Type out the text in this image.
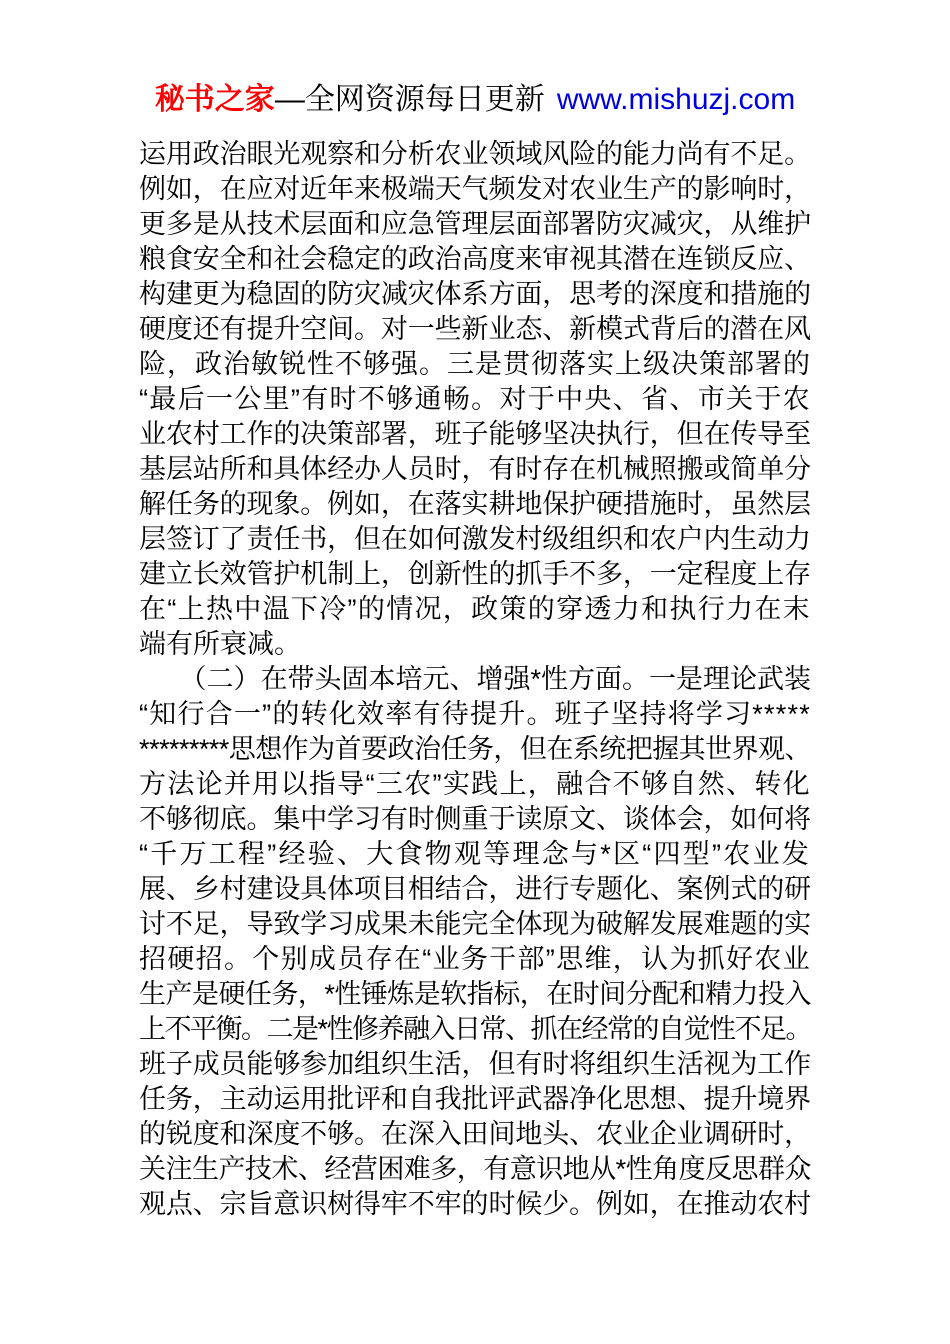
秘书之家—全网资源每日更新 www.mishuzj.com
运用政治眼光观察和分析农业领域风险的能力尚有不足。
例如，在应对近年来极端天气频发对农业生产的影响时，
更多是从技术层面和应急管理层面部署防灾减灾，从维护
粮食安全和社会稳定的政治高度来审视其潜在连锁反应、
构建更为稳固的防灾减灾体系方面，思考的深度和措施的
硬度还有提升空间。对一些新业态、新模式背后的潜在风
险，政治敏锐性不够强。三是贯彻落实上级决策部署的
“最后一公里”有时不够通畅。对于中央、省、市关于农
业农村工作的决策部署，班子能够坚决执行，但在传导至
基层站所和具体经办人员时，有时存在机械照搬或简单分
解任务的现象。例如，在落实耕地保护硬措施时，虽然层
层签订了责任书，但在如何激发村级组织和农户内生动力
建立长效管护机制上，创新性的抓手不多，一定程度上存
在“上热中温下冷”的情况，政策的穿透力和执行力在末
端有所衰减。
　　（二）在带头固本培元、增强*性方面。一是理论武装
“知行合一”的转化效率有待提升。班子坚持将学习*****
*********思想作为首要政治任务，但在系统把握其世界观、
方法论并用以指导“三农”实践上，融合不够自然、转化
不够彻底。集中学习有时侧重于读原文、谈体会，如何将
“千万工程”经验、大食物观等理念与*区“四型”农业发
展、乡村建设具体项目相结合，进行专题化、案例式的研
讨不足，导致学习成果未能完全体现为破解发展难题的实
招硬招。个别成员存在“业务干部”思维，认为抓好农业
生产是硬任务，*性锤炼是软指标，在时间分配和精力投入
上不平衡。二是*性修养融入日常、抓在经常的自觉性不足。
班子成员能够参加组织生活，但有时将组织生活视为工作
任务，主动运用批评和自我批评武器净化思想、提升境界
的锐度和深度不够。在深入田间地头、农业企业调研时，
关注生产技术、经营困难多，有意识地从*性角度反思群众
观点、宗旨意识树得牢不牢的时候少。例如，在推动农村
